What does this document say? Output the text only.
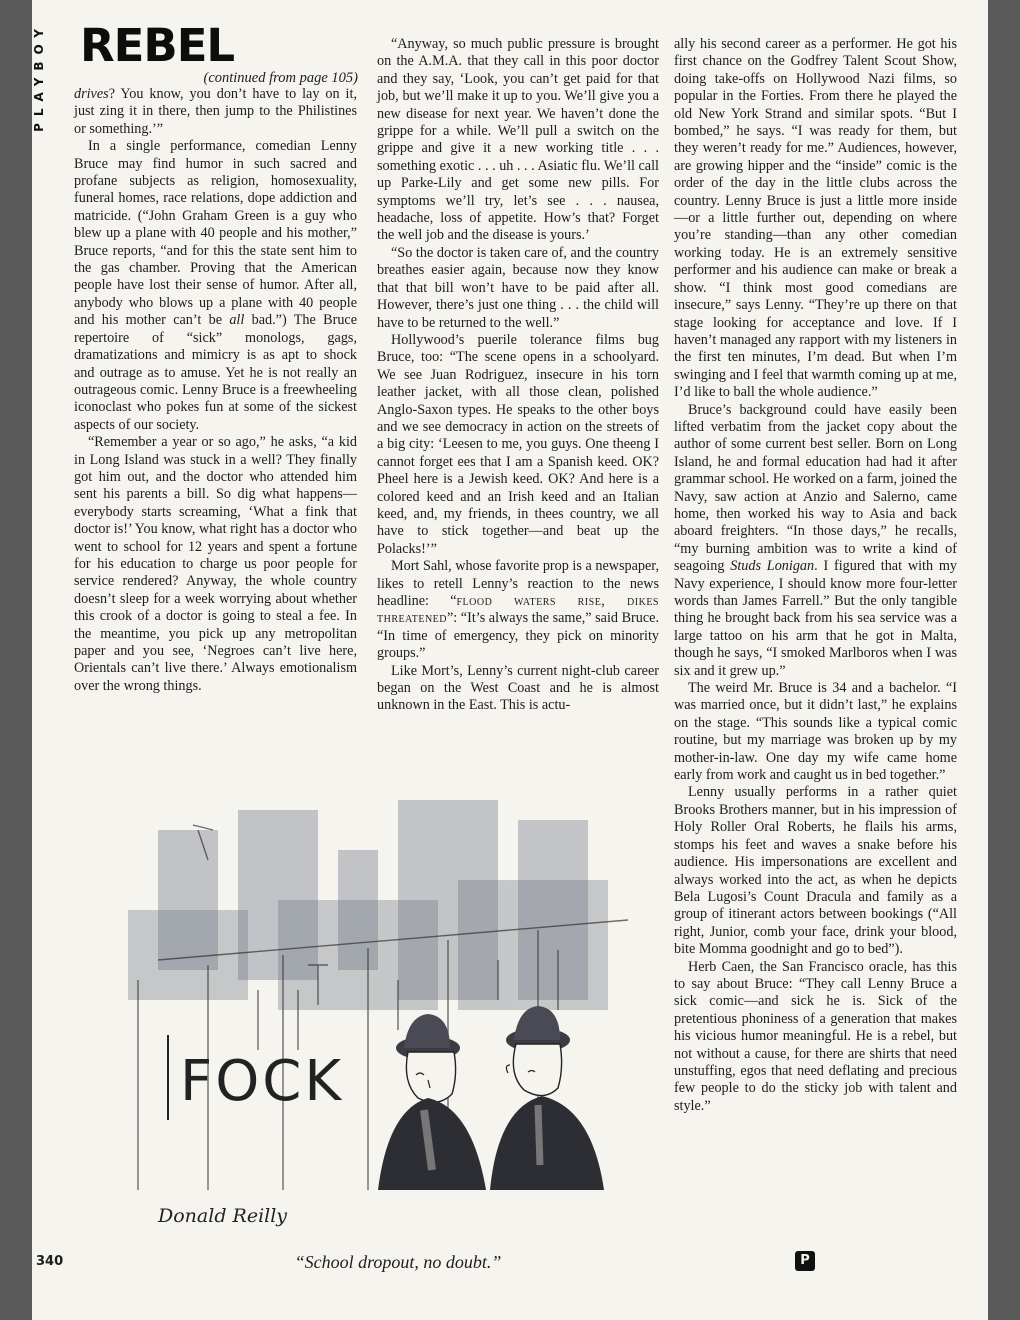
PLAYBOY REBEL
(continued from page 105)

drives? You know, you don’t have to lay on it, just zing it in there, then jump to the Philistines or something.’”

In a single performance, comedian Lenny Bruce may find humor in such sacred and profane subjects as religion, homosexuality, funeral homes, race relations, dope addiction and matricide. (“John Graham Green is a guy who blew up a plane with 40 people and his mother,” Bruce reports, “and for this the state sent him to the gas chamber. Proving that the American people have lost their sense of humor. After all, anybody who blows up a plane with 40 people and his mother can’t be all bad.”) The Bruce repertoire of “sick” monologs, gags, dramatizations and mimicry is as apt to shock and outrage as to amuse. Yet he is not really an outrageous comic. Lenny Bruce is a freewheeling iconoclast who pokes fun at some of the sickest aspects of our society.

“Remember a year or so ago,” he asks, “a kid in Long Island was stuck in a well? They finally got him out, and the doctor who attended him sent his parents a bill. So dig what happens—everybody starts screaming, ‘What a fink that doctor is!’ You know, what right has a doctor who went to school for 12 years and spent a fortune for his education to charge us poor people for service rendered? Anyway, the whole country doesn’t sleep for a week worrying about whether this crook of a doctor is going to steal a fee. In the meantime, you pick up any metropolitan paper and you see, ‘Negroes can’t live here, Orientals can’t live there.’ Always emotionalism over the wrong things.

“Anyway, so much public pressure is brought on the A.M.A. that they call in this poor doctor and they say, ‘Look, you can’t get paid for that job, but we’ll make it up to you. We’ll give you a new disease for next year. We haven’t done the grippe for a while. We’ll pull a switch on the grippe and give it a new working title . . . something exotic . . . uh . . . Asiatic flu. We’ll call up Parke-Lily and get some new pills. For symptoms we’ll try, let’s see . . . nausea, headache, loss of appetite. How’s that? Forget the well job and the disease is yours.’

“So the doctor is taken care of, and the country breathes easier again, because now they know that that bill won’t have to be paid after all. However, there’s just one thing . . . the child will have to be returned to the well.”

Hollywood’s puerile tolerance films bug Bruce, too: “The scene opens in a schoolyard. We see Juan Rodriguez, insecure in his torn leather jacket, with all those clean, polished Anglo-Saxon types. He speaks to the other boys and we see democracy in action on the streets of a big city: ‘Leesen to me, you guys. One theeng I cannot forget ees that I am a Spanish keed. OK? Pheel here is a Jewish keed. OK? And here is a colored keed and an Irish keed and an Italian keed, and, my friends, in thees country, we all have to stick together—and beat up the Polacks!’”

Mort Sahl, whose favorite prop is a newspaper, likes to retell Lenny’s reaction to the news headline: “flood waters rise, dikes threatened”: “It’s always the same,” said Bruce. “In time of emergency, they pick on minority groups.”

Like Mort’s, Lenny’s current night-club career began on the West Coast and he is almost unknown in the East. This is actu-

ally his second career as a performer. He got his first chance on the Godfrey Talent Scout Show, doing take-offs on Hollywood Nazi films, so popular in the Forties. From there he played the old New York Strand and similar spots. “But I bombed,” he says. “I was ready for them, but they weren’t ready for me.” Audiences, however, are growing hipper and the “inside” comic is the order of the day in the little clubs across the country. Lenny Bruce is just a little more inside—or a little further out, depending on where you’re standing—than any other comedian working today. He is an extremely sensitive performer and his audience can make or break a show. “I think most good comedians are insecure,” says Lenny. “They’re up there on that stage looking for acceptance and love. If I haven’t managed any rapport with my listeners in the first ten minutes, I’m dead. But when I’m swinging and I feel that warmth coming up at me, I’d like to ball the whole audience.”

Bruce’s background could have easily been lifted verbatim from the jacket copy about the author of some current best seller. Born on Long Island, he and formal education had had it after grammar school. He worked on a farm, joined the Navy, saw action at Anzio and Salerno, came home, then worked his way to Asia and back aboard freighters. “In those days,” he recalls, “my burning ambition was to write a kind of seagoing Studs Lonigan. I figured that with my Navy experience, I should know more four-letter words than James Farrell.” But the only tangible thing he brought back from his sea service was a large tattoo on his arm that he got in Malta, though he says, “I smoked Marlboros when I was six and it grew up.”

The weird Mr. Bruce is 34 and a bachelor. “I was married once, but it didn’t last,” he explains on the stage. “This sounds like a typical comic routine, but my marriage was broken up by my mother-in-law. One day my wife came home early from work and caught us in bed together.”

Lenny usually performs in a rather quiet Brooks Brothers manner, but in his impression of Holy Roller Oral Roberts, he flails his arms, stomps his feet and waves a snake before his audience. His impersonations are excellent and always worked into the act, as when he depicts Bela Lugosi’s Count Dracula and family as a group of itinerant actors between bookings (“All right, Junior, comb your face, drink your blood, bite Momma goodnight and go to bed”).

Herb Caen, the San Francisco oracle, has this to say about Bruce: “They call Lenny Bruce a sick comic—and sick he is. Sick of the pretentious phoniness of a generation that makes his vicious humor meaningful. He is a rebel, but not without a cause, for there are shirts that need unstuffing, egos that need deflating and precious few people to do the sticky job with talent and style.”

FOCK
Donald Reilly
“School dropout, no doubt.”
340	P
